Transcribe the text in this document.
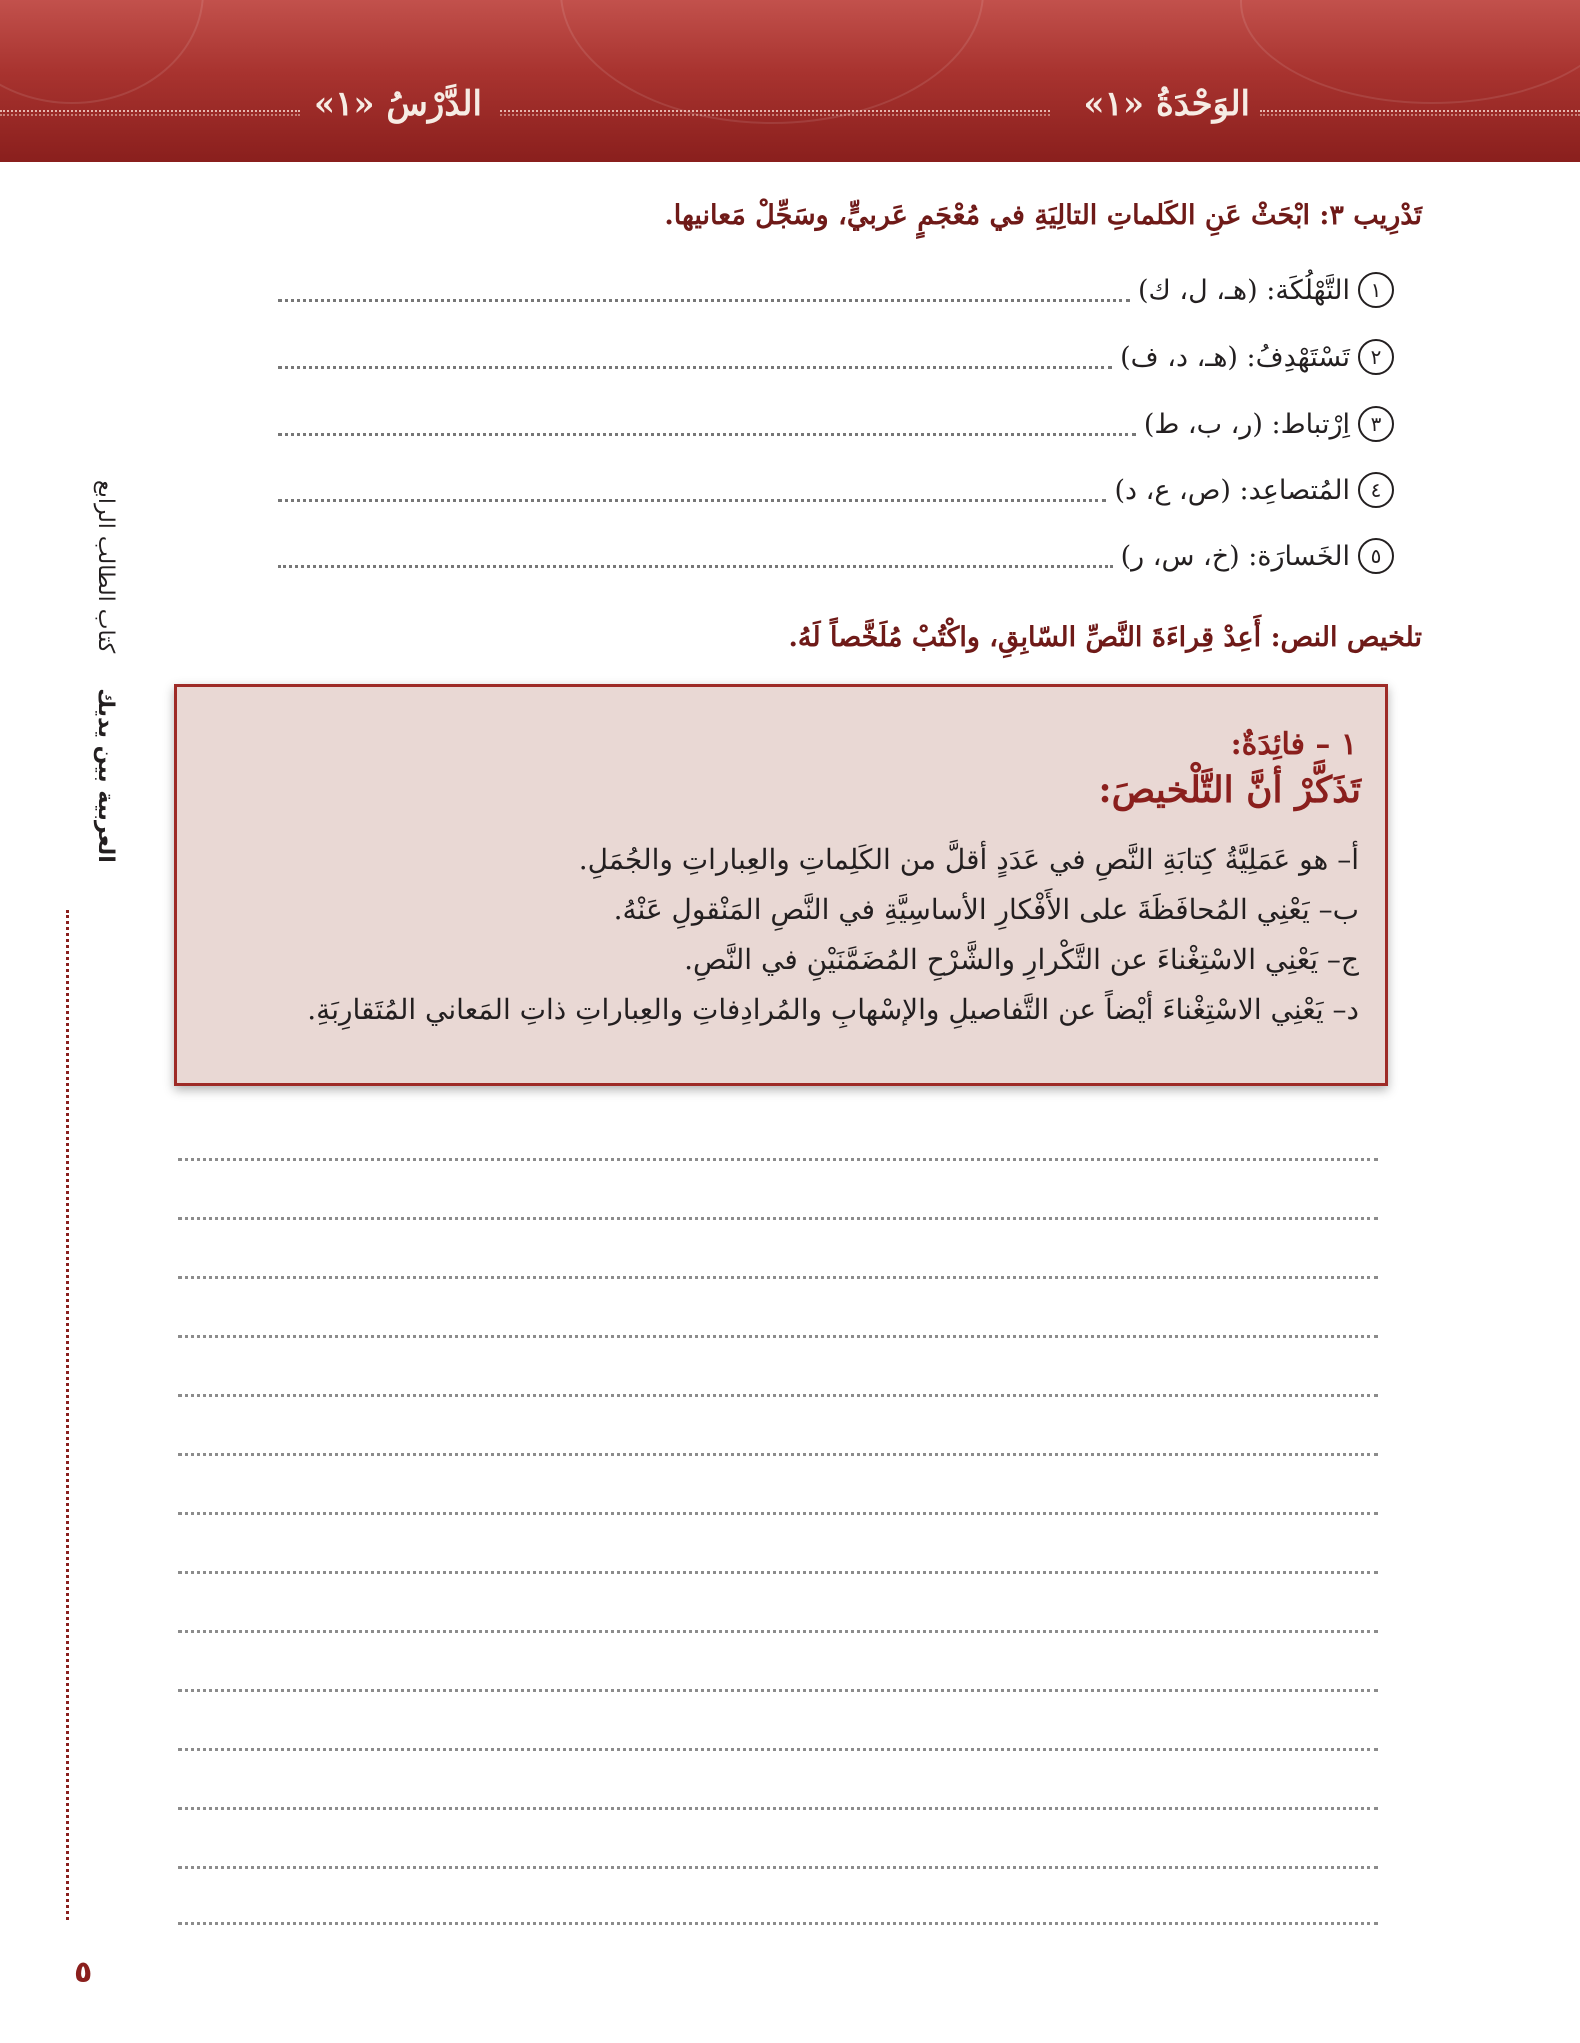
الدَّرْسُ «١»	الوَحْدَةُ «١»
العربية بين يديك     كتاب الطالب الرابع
٥
تَدْرِيب ٣: ابْحَثْ عَنِ الكَلماتِ التالِيَةِ في مُعْجَمٍ عَربيٍّ، وسَجِّلْ مَعانيها.
١
التَّهْلُكَة: (هـ، ل، ك)
٢
تَسْتَهْدِفُ: (هـ، د، ف)
٣
اِرْتباط: (ر، ب، ط)
٤
المُتصاعِد: (ص، ع، د)
٥
الخَسارَة: (خ، س، ر)
تلخيص النص: أَعِدْ قِراءَةَ النَّصِّ السّابِقِ، واكْتُبْ مُلَخَّصاً لَهُ.
١ – فائِدَةٌ:
تَذَكَّرْ أنَّ التَّلْخيصَ:
أ– هو عَمَلِيَّةُ كِتابَةِ النَّصِ في عَدَدٍ أقلَّ من الكَلِماتِ والعِباراتِ والجُمَلِ.
ب– يَعْنِي المُحافَظَةَ على الأَفْكارِ الأساسِيَّةِ في النَّصِ المَنْقولِ عَنْهُ.
ج– يَعْنِي الاسْتِغْناءَ عن التَّكْرارِ والشَّرْحِ المُضَمَّنَيْنِ في النَّصِ.
د– يَعْنِي الاسْتِغْناءَ أيْضاً عن التَّفاصيلِ والإسْهابِ والمُرادِفاتِ والعِباراتِ ذاتِ المَعاني المُتَقارِبَةِ.
